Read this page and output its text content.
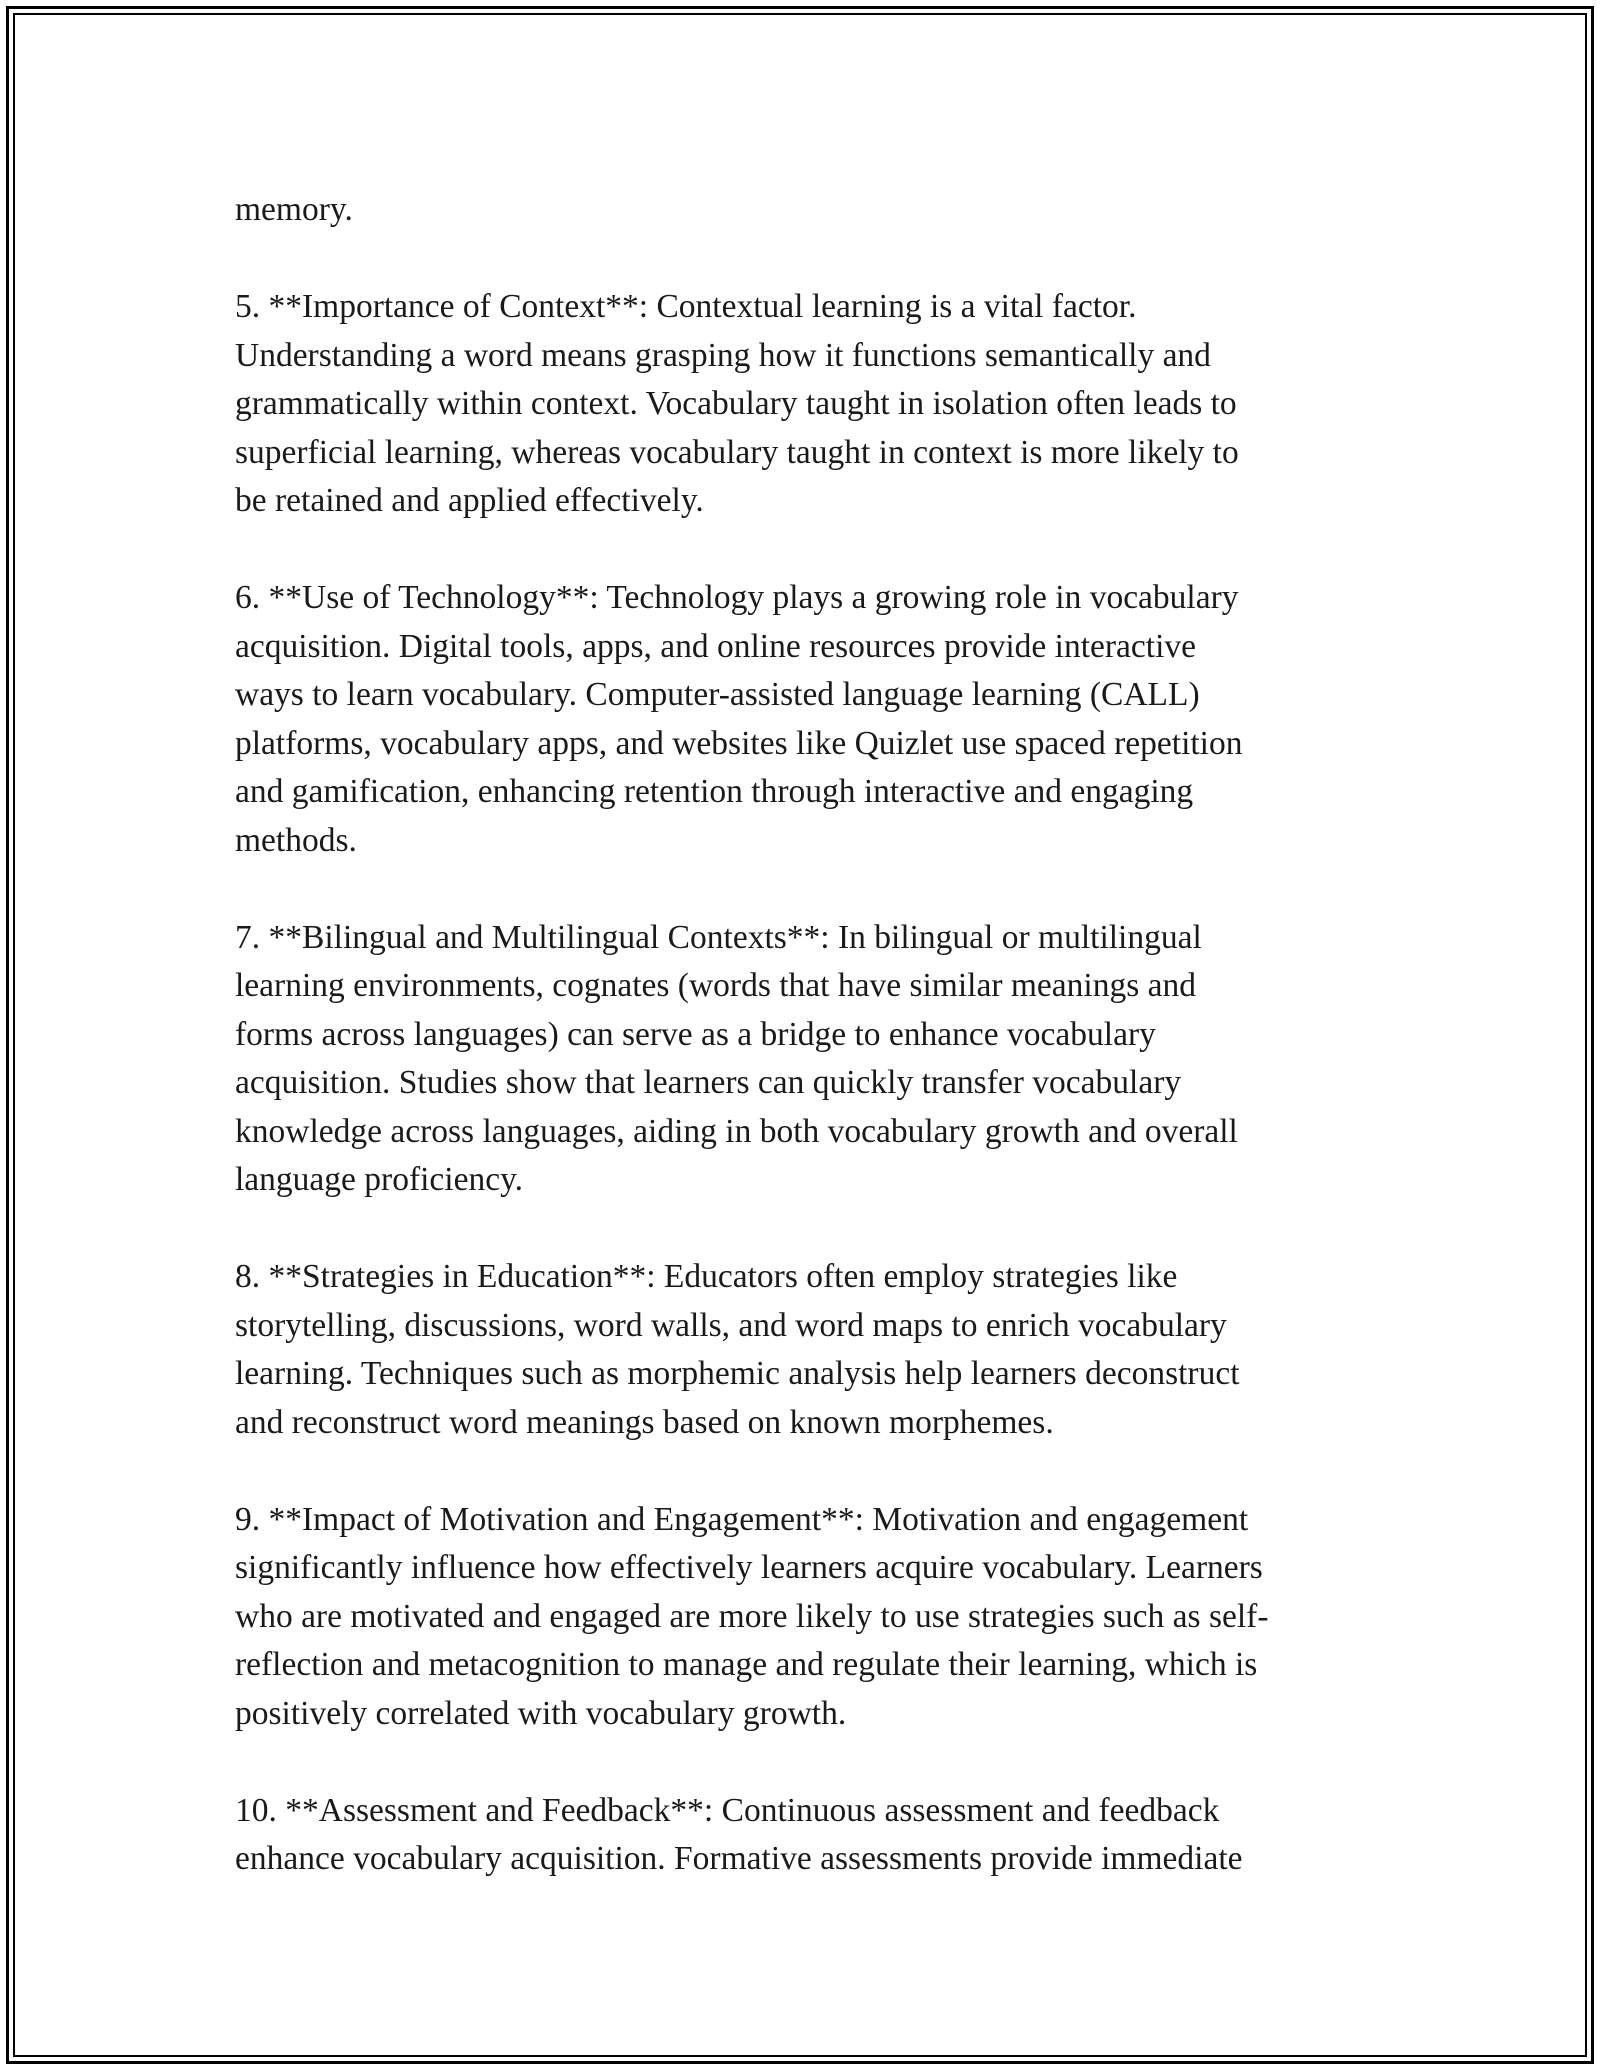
memory.

5. **Importance of Context**: Contextual learning is a vital factor.
Understanding a word means grasping how it functions semantically and
grammatically within context. Vocabulary taught in isolation often leads to
superficial learning, whereas vocabulary taught in context is more likely to
be retained and applied effectively.

6. **Use of Technology**: Technology plays a growing role in vocabulary
acquisition. Digital tools, apps, and online resources provide interactive
ways to learn vocabulary. Computer-assisted language learning (CALL)
platforms, vocabulary apps, and websites like Quizlet use spaced repetition
and gamification, enhancing retention through interactive and engaging
methods.

7. **Bilingual and Multilingual Contexts**: In bilingual or multilingual
learning environments, cognates (words that have similar meanings and
forms across languages) can serve as a bridge to enhance vocabulary
acquisition. Studies show that learners can quickly transfer vocabulary
knowledge across languages, aiding in both vocabulary growth and overall
language proficiency.

8. **Strategies in Education**: Educators often employ strategies like
storytelling, discussions, word walls, and word maps to enrich vocabulary
learning. Techniques such as morphemic analysis help learners deconstruct
and reconstruct word meanings based on known morphemes.

9. **Impact of Motivation and Engagement**: Motivation and engagement
significantly influence how effectively learners acquire vocabulary. Learners
who are motivated and engaged are more likely to use strategies such as self-
reflection and metacognition to manage and regulate their learning, which is
positively correlated with vocabulary growth.

10. **Assessment and Feedback**: Continuous assessment and feedback
enhance vocabulary acquisition. Formative assessments provide immediate
